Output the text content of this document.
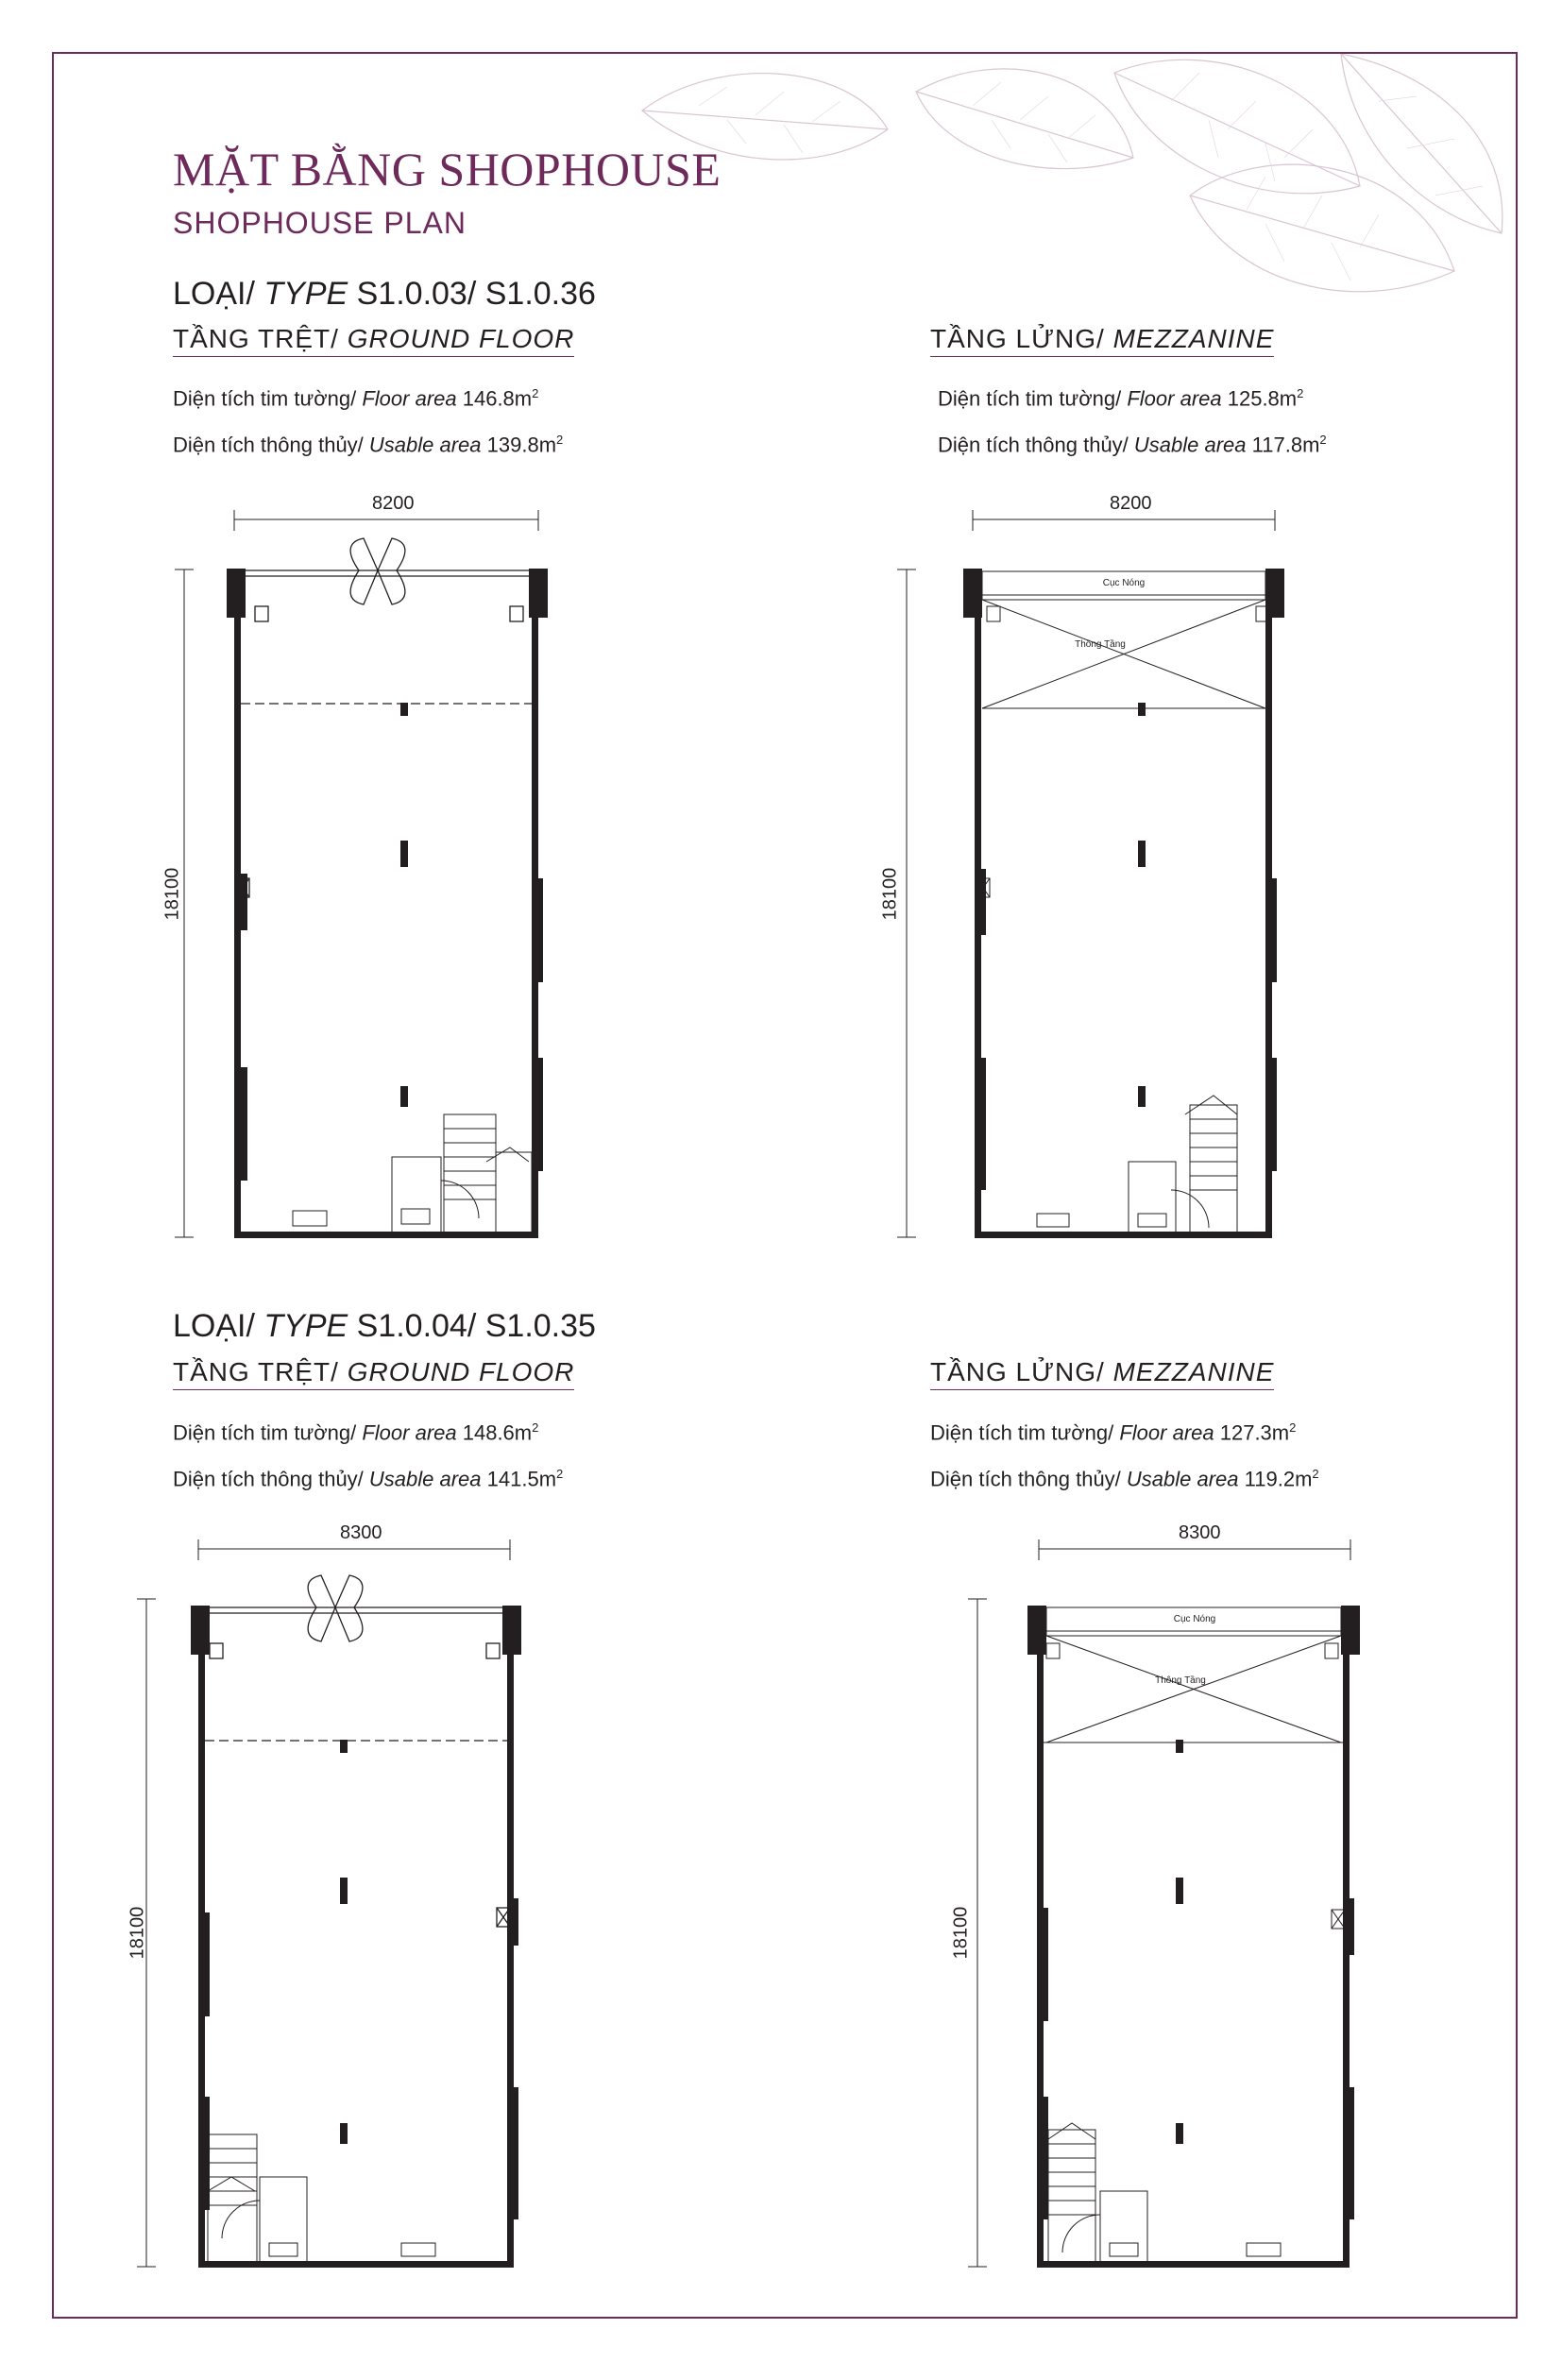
MẶT BẰNG SHOPHOUSE
SHOPHOUSE PLAN
LOẠI/ TYPE S1.0.03/ S1.0.36
TẦNG TRỆT/ GROUND FLOOR
Diện tích tim tường/ Floor area $146.8m^2$
Diện tích thông thủy/ Usable area $139.8m^2$
TẦNG LỬNG/ MEZZANINE
Diện tích tim tường/ Floor area $125.8m^2$
Diện tích thông thủy/ Usable area $117.8m^2$
8200
18100
8200
18100
Cục Nóng
Thông Tầng
LOẠI/ TYPE S1.0.04/ S1.0.35
TẦNG TRỆT/ GROUND FLOOR
Diện tích tim tường/ Floor area $148.6m^2$
Diện tích thông thủy/ Usable area $141.5m^2$
TẦNG LỬNG/ MEZZANINE
Diện tích tim tường/ Floor area $127.3m^2$
Diện tích thông thủy/ Usable area $119.2m^2$
8300
18100
8300
18100
Cục Nóng
Thông Tầng
